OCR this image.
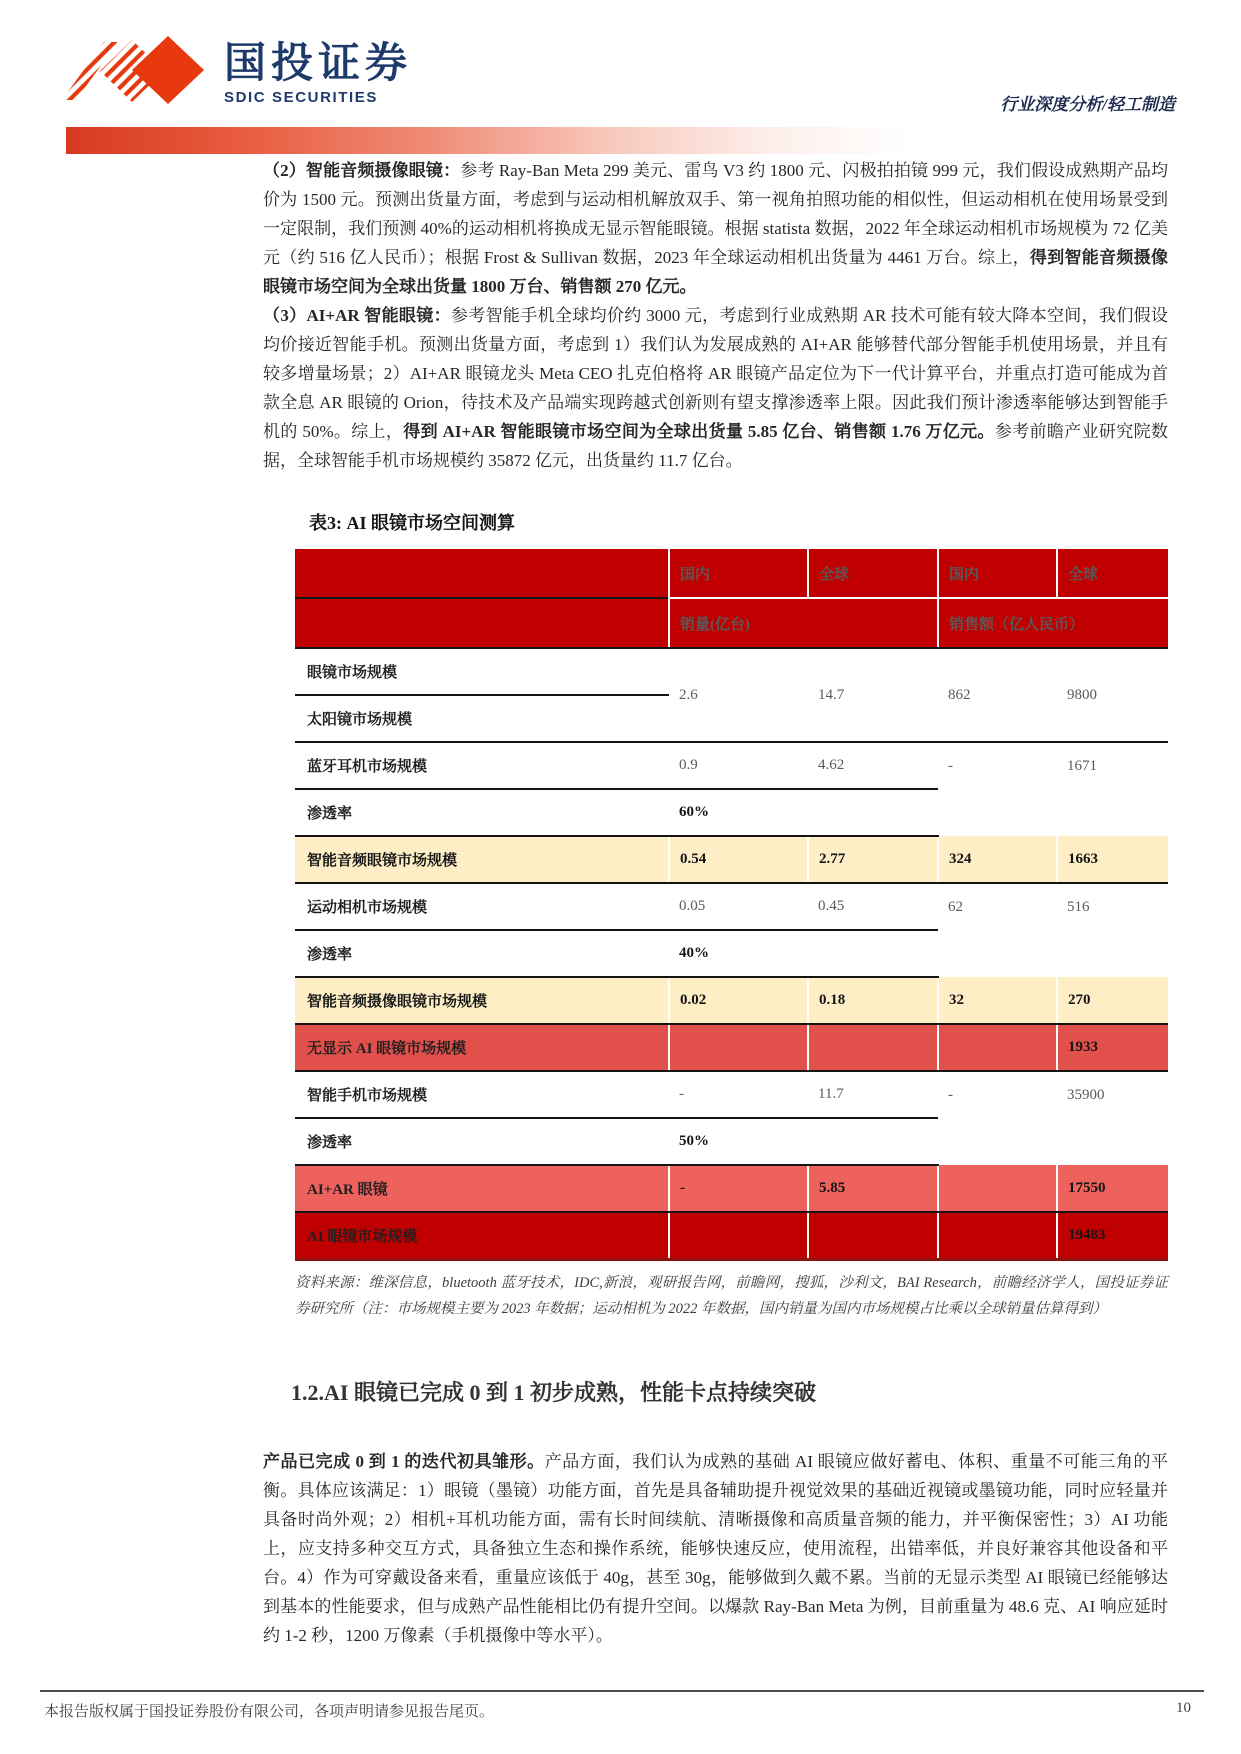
国投证券
SDIC SECURITIES	行业深度分析/轻工制造

（2）智能音频摄像眼镜：参考 Ray-Ban Meta 299 美元、雷鸟 V3 约 1800 元、闪极拍拍镜 999 元，我们假设成熟期产品均价为 1500 元。预测出货量方面，考虑到与运动相机解放双手、第一视角拍照功能的相似性，但运动相机在使用场景受到一定限制，我们预测 40%的运动相机将换成无显示智能眼镜。根据 statista 数据，2022 年全球运动相机市场规模为 72 亿美元（约 516 亿人民币）；根据 Frost & Sullivan 数据，2023 年全球运动相机出货量为 4461 万台。综上，得到智能音频摄像眼镜市场空间为全球出货量 1800 万台、销售额 270 亿元。

（3）AI+AR 智能眼镜：参考智能手机全球均价约 3000 元，考虑到行业成熟期 AR 技术可能有较大降本空间，我们假设均价接近智能手机。预测出货量方面，考虑到 1）我们认为发展成熟的 AI+AR 能够替代部分智能手机使用场景，并且有较多增量场景；2）AI+AR 眼镜龙头 Meta CEO 扎克伯格将 AR 眼镜产品定位为下一代计算平台，并重点打造可能成为首款全息 AR 眼镜的 Orion，待技术及产品端实现跨越式创新则有望支撑渗透率上限。因此我们预计渗透率能够达到智能手机的 50%。综上，得到 AI+AR 智能眼镜市场空间为全球出货量 5.85 亿台、销售额 1.76 万亿元。参考前瞻产业研究院数据，全球智能手机市场规模约 35872 亿元，出货量约 11.7 亿台。

表3: AI 眼镜市场空间测算
	国内	全球	国内	全球
	销量(亿台)		销售额（亿人民币）	
眼镜市场规模	2.6	14.7	862	9800
太阳镜市场规模				
蓝牙耳机市场规模	0.9	4.62	-	1671
渗透率	60%			
智能音频眼镜市场规模	0.54	2.77	324	1663
运动相机市场规模	0.05	0.45	62	516
渗透率	40%			
智能音频摄像眼镜市场规模	0.02	0.18	32	270
无显示 AI 眼镜市场规模				1933
智能手机市场规模	-	11.7	-	35900
渗透率	50%			
AI+AR 眼镜	-	5.85		17550
AI 眼镜市场规模				19483
资料来源：维深信息，bluetooth 蓝牙技术，IDC,新浪，观研报告网，前瞻网，搜狐，沙利文，BAI Research，前瞻经济学人，国投证券证券研究所（注：市场规模主要为 2023 年数据；运动相机为 2022 年数据，国内销量为国内市场规模占比乘以全球销量估算得到）
1.2.AI 眼镜已完成 0 到 1 初步成熟，性能卡点持续突破

产品已完成 0 到 1 的迭代初具雏形。产品方面，我们认为成熟的基础 AI 眼镜应做好蓄电、体积、重量不可能三角的平衡。具体应该满足：1）眼镜（墨镜）功能方面，首先是具备辅助提升视觉效果的基础近视镜或墨镜功能，同时应轻量并具备时尚外观；2）相机+耳机功能方面，需有长时间续航、清晰摄像和高质量音频的能力，并平衡保密性；3）AI 功能上，应支持多种交互方式，具备独立生态和操作系统，能够快速反应，使用流程，出错率低，并良好兼容其他设备和平台。4）作为可穿戴设备来看，重量应该低于 40g，甚至 30g，能够做到久戴不累。当前的无显示类型 AI 眼镜已经能够达到基本的性能要求，但与成熟产品性能相比仍有提升空间。以爆款 Ray-Ban Meta 为例，目前重量为 48.6 克、AI 响应延时约 1-2 秒，1200 万像素（手机摄像中等水平）。

本报告版权属于国投证券股份有限公司，各项声明请参见报告尾页。	10
